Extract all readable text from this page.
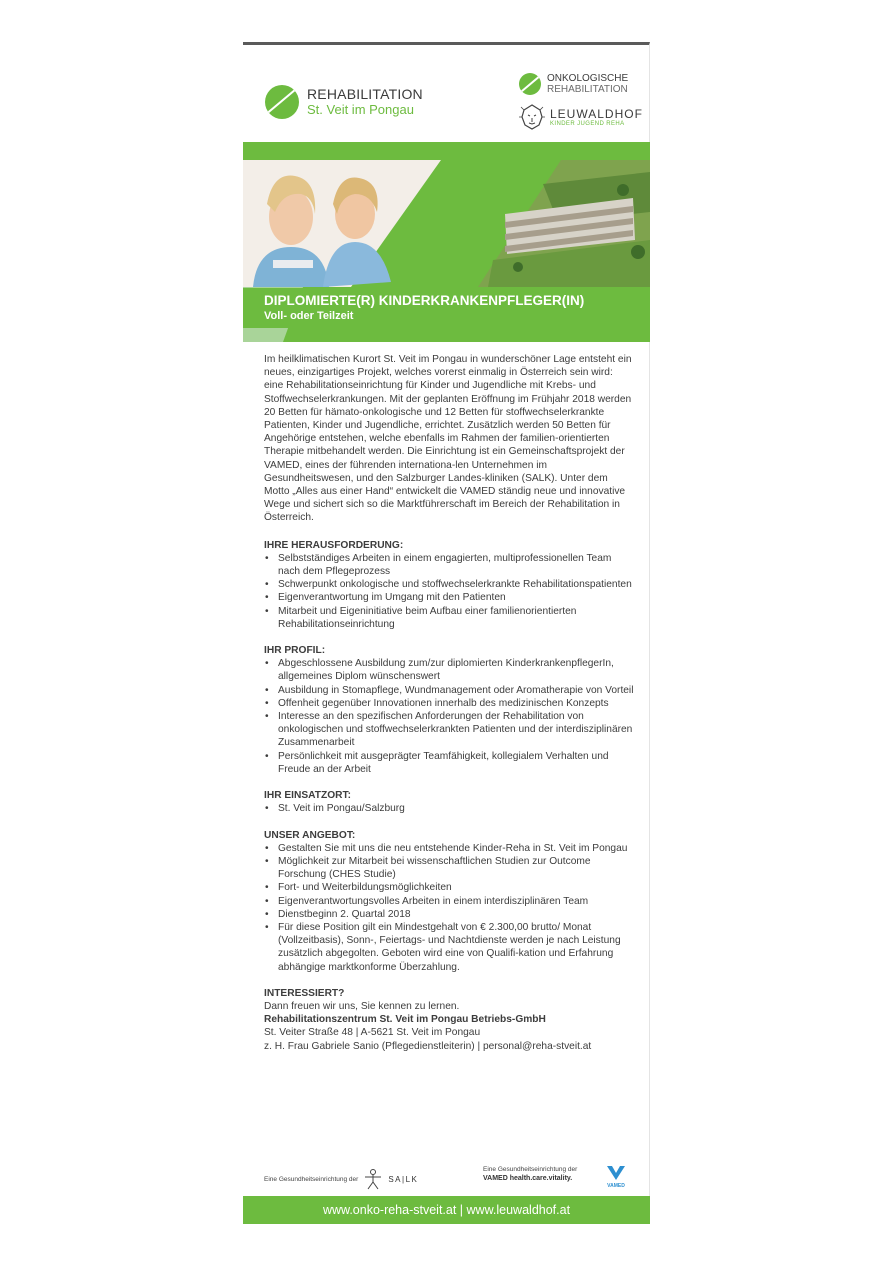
REHABILITATION
St. Veit im Pongau
ONKOLOGISCHE
REHABILITATION
LEUWALDHOF
KINDER JUGEND REHA
DIPLOMIERTE(R) KINDERKRANKENPFLEGER(IN)
Voll- oder Teilzeit

Im heilklimatischen Kurort St. Veit im Pongau in wunderschöner Lage entsteht ein neues, einzigartiges Projekt, welches vorerst einmalig in Österreich sein wird: eine Rehabilitationseinrichtung für Kinder und Jugendliche mit Krebs- und Stoffwechselerkrankungen. Mit der geplanten Eröffnung im Frühjahr 2018 werden 20 Betten für hämato-onkologische und 12 Betten für stoffwechselerkrankte Patienten, Kinder und Jugendliche, errichtet. Zusätzlich werden 50 Betten für Angehörige entstehen, welche ebenfalls im Rahmen der familien-orientierten Therapie mitbehandelt werden. Die Einrichtung ist ein Gemeinschaftsprojekt der VAMED, eines der führenden internationa-len Unternehmen im Gesundheitswesen, und den Salzburger Landes-kliniken (SALK). Unter dem Motto „Alles aus einer Hand“ entwickelt die VAMED ständig neue und innovative Wege und sichert sich so die Marktführerschaft im Bereich der Rehabilitation in Österreich.

IHRE HERAUSFORDERUNG:

• Selbstständiges Arbeiten in einem engagierten, multiprofessionellen Team nach dem Pflegeprozess
• Schwerpunkt onkologische und stoffwechselerkrankte Rehabilitationspatienten
• Eigenverantwortung im Umgang mit den Patienten
• Mitarbeit und Eigeninitiative beim Aufbau einer familienorientierten Rehabilitationseinrichtung

IHR PROFIL:

• Abgeschlossene Ausbildung zum/zur diplomierten KinderkrankenpflegerIn, allgemeines Diplom wünschenswert
• Ausbildung in Stomapflege, Wundmanagement oder Aromatherapie von Vorteil
• Offenheit gegenüber Innovationen innerhalb des medizinischen Konzepts
• Interesse an den spezifischen Anforderungen der Rehabilitation von onkologischen und stoffwechselerkrankten Patienten und der interdisziplinären Zusammenarbeit
• Persönlichkeit mit ausgeprägter Teamfähigkeit, kollegialem Verhalten und Freude an der Arbeit

IHR EINSATZORT:

• St. Veit im Pongau/Salzburg

UNSER ANGEBOT:

• Gestalten Sie mit uns die neu entstehende Kinder-Reha in St. Veit im Pongau
• Möglichkeit zur Mitarbeit bei wissenschaftlichen Studien zur Outcome Forschung (CHES Studie)
• Fort- und Weiterbildungsmöglichkeiten
• Eigenverantwortungsvolles Arbeiten in einem interdisziplinären Team
• Dienstbeginn 2. Quartal 2018
• Für diese Position gilt ein Mindestgehalt von € 2.300,00 brutto/ Monat (Vollzeitbasis), Sonn-, Feiertags- und Nachtdienste werden je nach Leistung zusätzlich abgegolten. Geboten wird eine von Qualifi-kation und Erfahrung abhängige marktkonforme Überzahlung.

INTERESSIERT?

Dann freuen wir uns, Sie kennen zu lernen.

Rehabilitationszentrum St. Veit im Pongau Betriebs-GmbH

St. Veiter Straße 48 | A-5621 St. Veit im Pongau

z. H. Frau Gabriele Sanio (Pflegedienstleiterin) | personal@reha-stveit.at

Eine Gesundheitseinrichtung der	SA|LK
Eine Gesundheitseinrichtung der
VAMED health.care.vitality.
VAMED
www.onko-reha-stveit.at | www.leuwaldhof.at
